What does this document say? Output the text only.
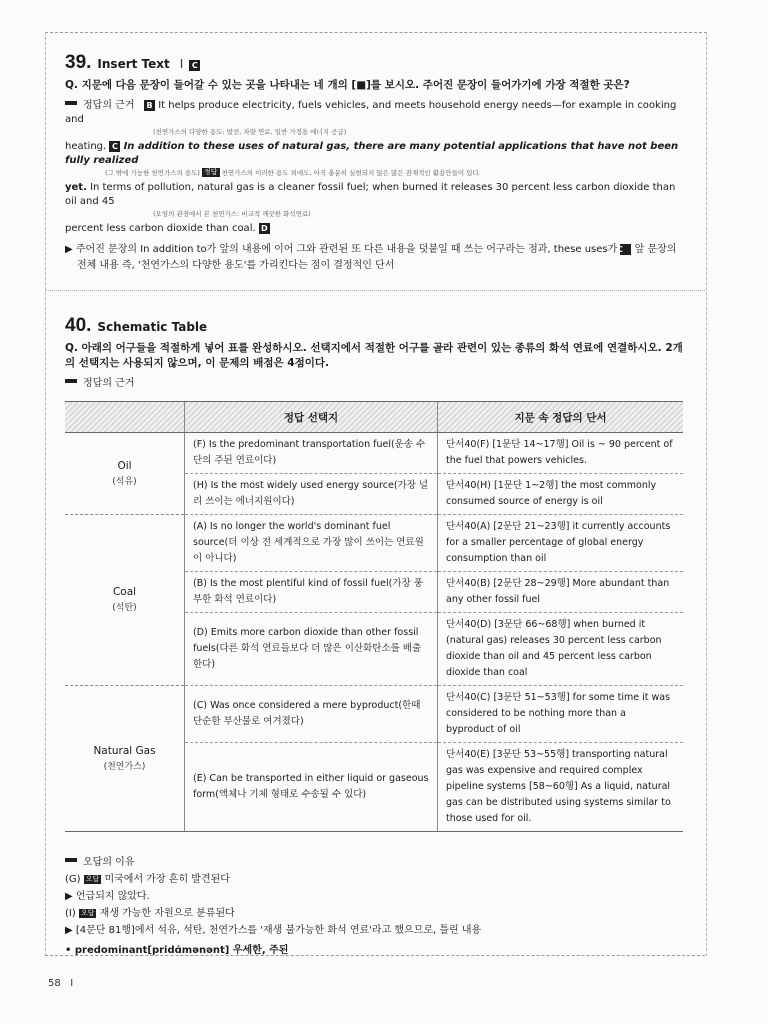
39. Insert Text I	C
Q. 지문에 다음 문장이 들어갈 수 있는 곳을 나타내는 네 개의 [■]를 보시오. 주어진 문장이 들어가기에 가장 적절한 곳은?
정답의 근거 B It helps produce electricity, fuels vehicles, and meets household energy needs—for example in cooking and
(천연가스의 다양한 용도: 발전, 차량 연료, 일반 가정용 에너지 공급)
heating. C In addition to these uses of natural gas, there are many potential applications that have not been fully realized
(그 밖에 가능한 천연가스의 용도) 정답 천연가스의 이러한 용도 외에도, 아직 충분히 실현되지 않은 많은 잠재적인 활용안들이 있다.
yet. In terms of pollution, natural gas is a cleaner fossil fuel; when burned it releases 30 percent less carbon dioxide than oil and 45
(오염의 관점에서 본 천연가스: 비교적 깨끗한 화석연료)
percent less carbon dioxide than coal. D
▶ 주어진 문장의 In addition to가 앞의 내용에 이어 그와 관련된 또 다른 내용을 덧붙일 때 쓰는 어구라는 점과, these uses가 C 앞 문장의 전체 내용 즉, '천연가스의 다양한 용도'를 가리킨다는 점이 결정적인 단서
40. Schematic Table
Q. 아래의 어구들을 적절하게 넣어 표를 완성하시오. 선택지에서 적절한 어구를 골라 관련이 있는 종류의 화석 연료에 연결하시오. 2개의 선택지는 사용되지 않으며, 이 문제의 배점은 4점이다.
정답의 근거
	정답 선택지	지문 속 정답의 단서

Oil
(석유)	(F) Is the predominant transportation fuel(운송 수단의 주된 연료이다)	단서40(F) [1문단 14~17행] Oil is ~ 90 percent of the fuel that powers vehicles.
	(H) Is the most widely used energy source(가장 널리 쓰이는 에너지원이다)	단서40(H) [1문단 1~2행] the most commonly consumed source of energy is oil

Coal
(석탄)	(A) Is no longer the world's dominant fuel source(더 이상 전 세계적으로 가장 많이 쓰이는 연료원이 아니다)	단서40(A) [2문단 21~23행] it currently accounts for a smaller percentage of global energy consumption than oil
	(B) Is the most plentiful kind of fossil fuel(가장 풍부한 화석 연료이다)	단서40(B) [2문단 28~29행] More abundant than any other fossil fuel
	(D) Emits more carbon dioxide than other fossil fuels(다른 화석 연료들보다 더 많은 이산화탄소를 배출한다)	단서40(D) [3문단 66~68행] when burned it (natural gas) releases 30 percent less carbon dioxide than oil and 45 percent less carbon dioxide than coal

Natural Gas
(천연가스)	(C) Was once considered a mere byproduct(한때 단순한 부산물로 여겨졌다)	단서40(C) [3문단 51~53행] for some time it was considered to be nothing more than a byproduct of oil
	(E) Can be transported in either liquid or gaseous form(액체나 기체 형태로 수송될 수 있다)	단서40(E) [3문단 53~55행] transporting natural gas was expensive and required complex pipeline systems [58~60행] As a liquid, natural gas can be distributed using systems similar to those used for oil.
오답의 이유
(G) 오답 미국에서 가장 흔히 발견된다
▶ 언급되지 않았다.
(I) 오답 재생 가능한 자원으로 분류된다
▶ [4문단 81행]에서 석유, 석탄, 천연가스를 '재생 불가능한 화석 연료'라고 했으므로, 틀린 내용
• predominant[pridɑ́mənənt] 우세한, 주된
58 I
